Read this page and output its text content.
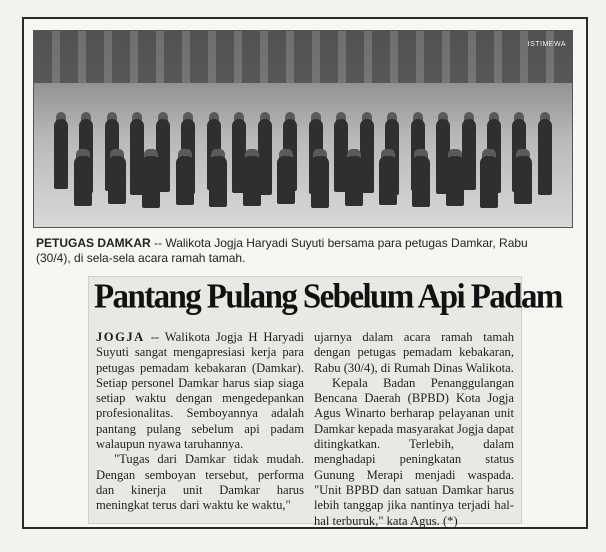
ISTIMEWA
PETUGAS DAMKAR -- Walikota Jogja Haryadi Suyuti bersama para petugas Damkar, Rabu (30/4), di sela-sela acara ramah tamah.
Pantang Pulang Sebelum Api Padam

JOGJA -- Walikota Jogja H Haryadi Suyuti sangat mengapresiasi kerja para petugas pemadam kebakaran (Damkar). Setiap personel Damkar harus siap siaga setiap waktu dengan mengedepankan profesionalitas. Semboyannya adalah pantang pulang sebelum api padam walaupun nyawa taruhannya.

"Tugas dari Damkar tidak mudah. Dengan semboyan tersebut, performa dan kinerja unit Damkar harus meningkat terus dari waktu ke waktu,"

ujarnya dalam acara ramah tamah dengan petugas pemadam kebakaran, Rabu (30/4), di Rumah Dinas Walikota.

Kepala Badan Penanggulangan Bencana Daerah (BPBD) Kota Jogja Agus Winarto berharap pelayanan unit Damkar kepada masyarakat Jogja dapat ditingkatkan. Terlebih, dalam menghadapi peningkatan status Gunung Merapi menjadi waspada. "Unit BPBD dan satuan Damkar harus lebih tanggap jika nantinya terjadi hal-hal terburuk," kata Agus. (*)
